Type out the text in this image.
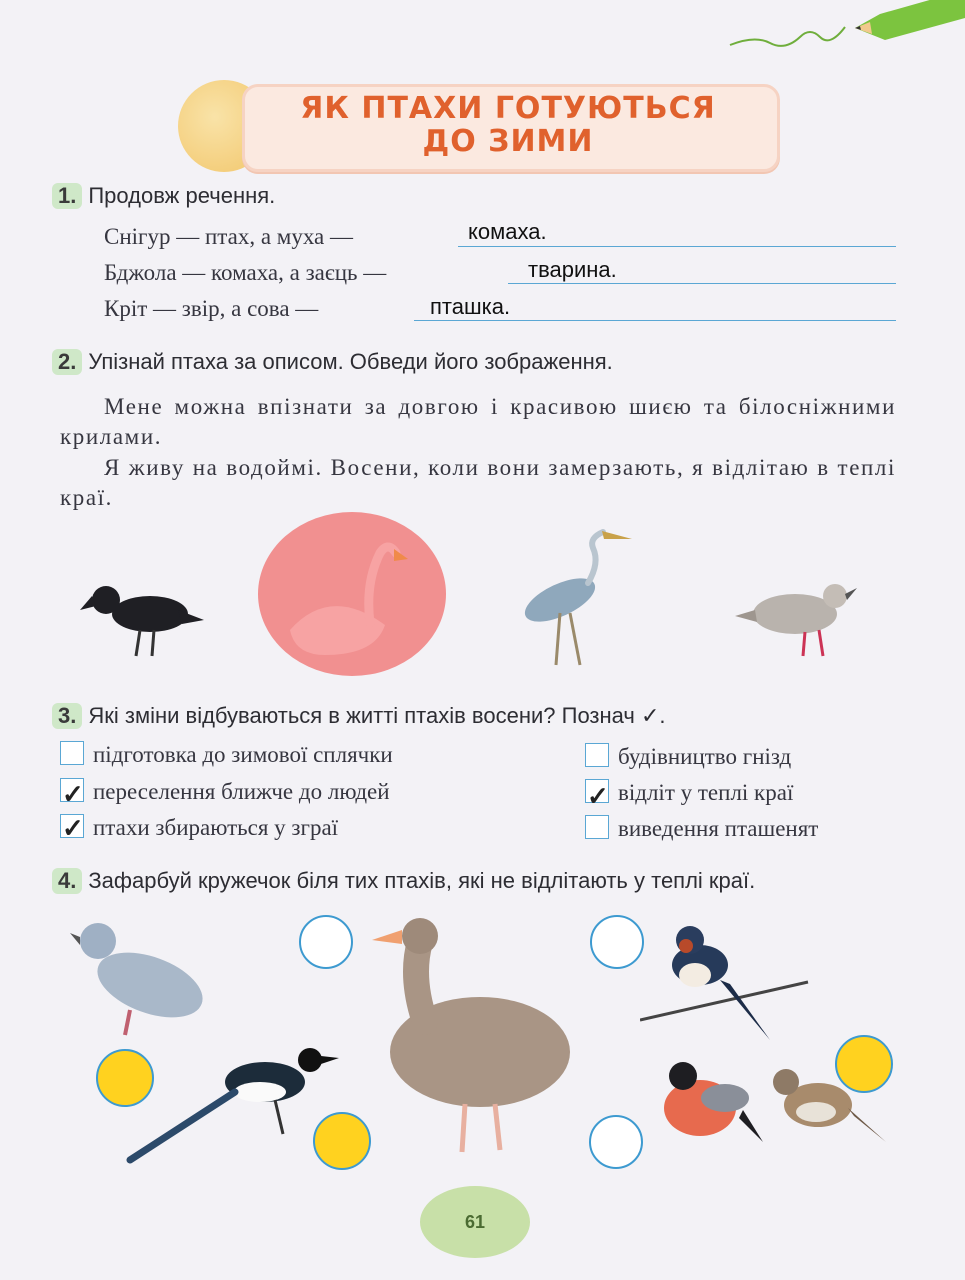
ЯК ПТАХИ ГОТУЮТЬСЯ
ДО ЗИМИ
1. Продовж речення.
Снігур — птах, а муха —	комаха.
Бджола — комаха, а заєць —	тварина.
Кріт — звір, а сова —	пташка.
2. Упізнай птаха за описом. Обведи його зображення.
Мене можна впізнати за довгою і красивою шиєю та білосніжними крилами.
Я живу на водоймі. Восени, коли вони замерзають, я відлітаю в теплі краї.
3. Які зміни відбуваються в житті птахів восени? Познач ✓.
підготовка до зимової сплячки
✓ переселення ближче до людей
✓ птахи збираються у зграї
будівництво гнізд
✓ відліт у теплі краї
виведення пташенят
4. Зафарбуй кружечок біля тих птахів, які не відлітають у теплі краї.
61
